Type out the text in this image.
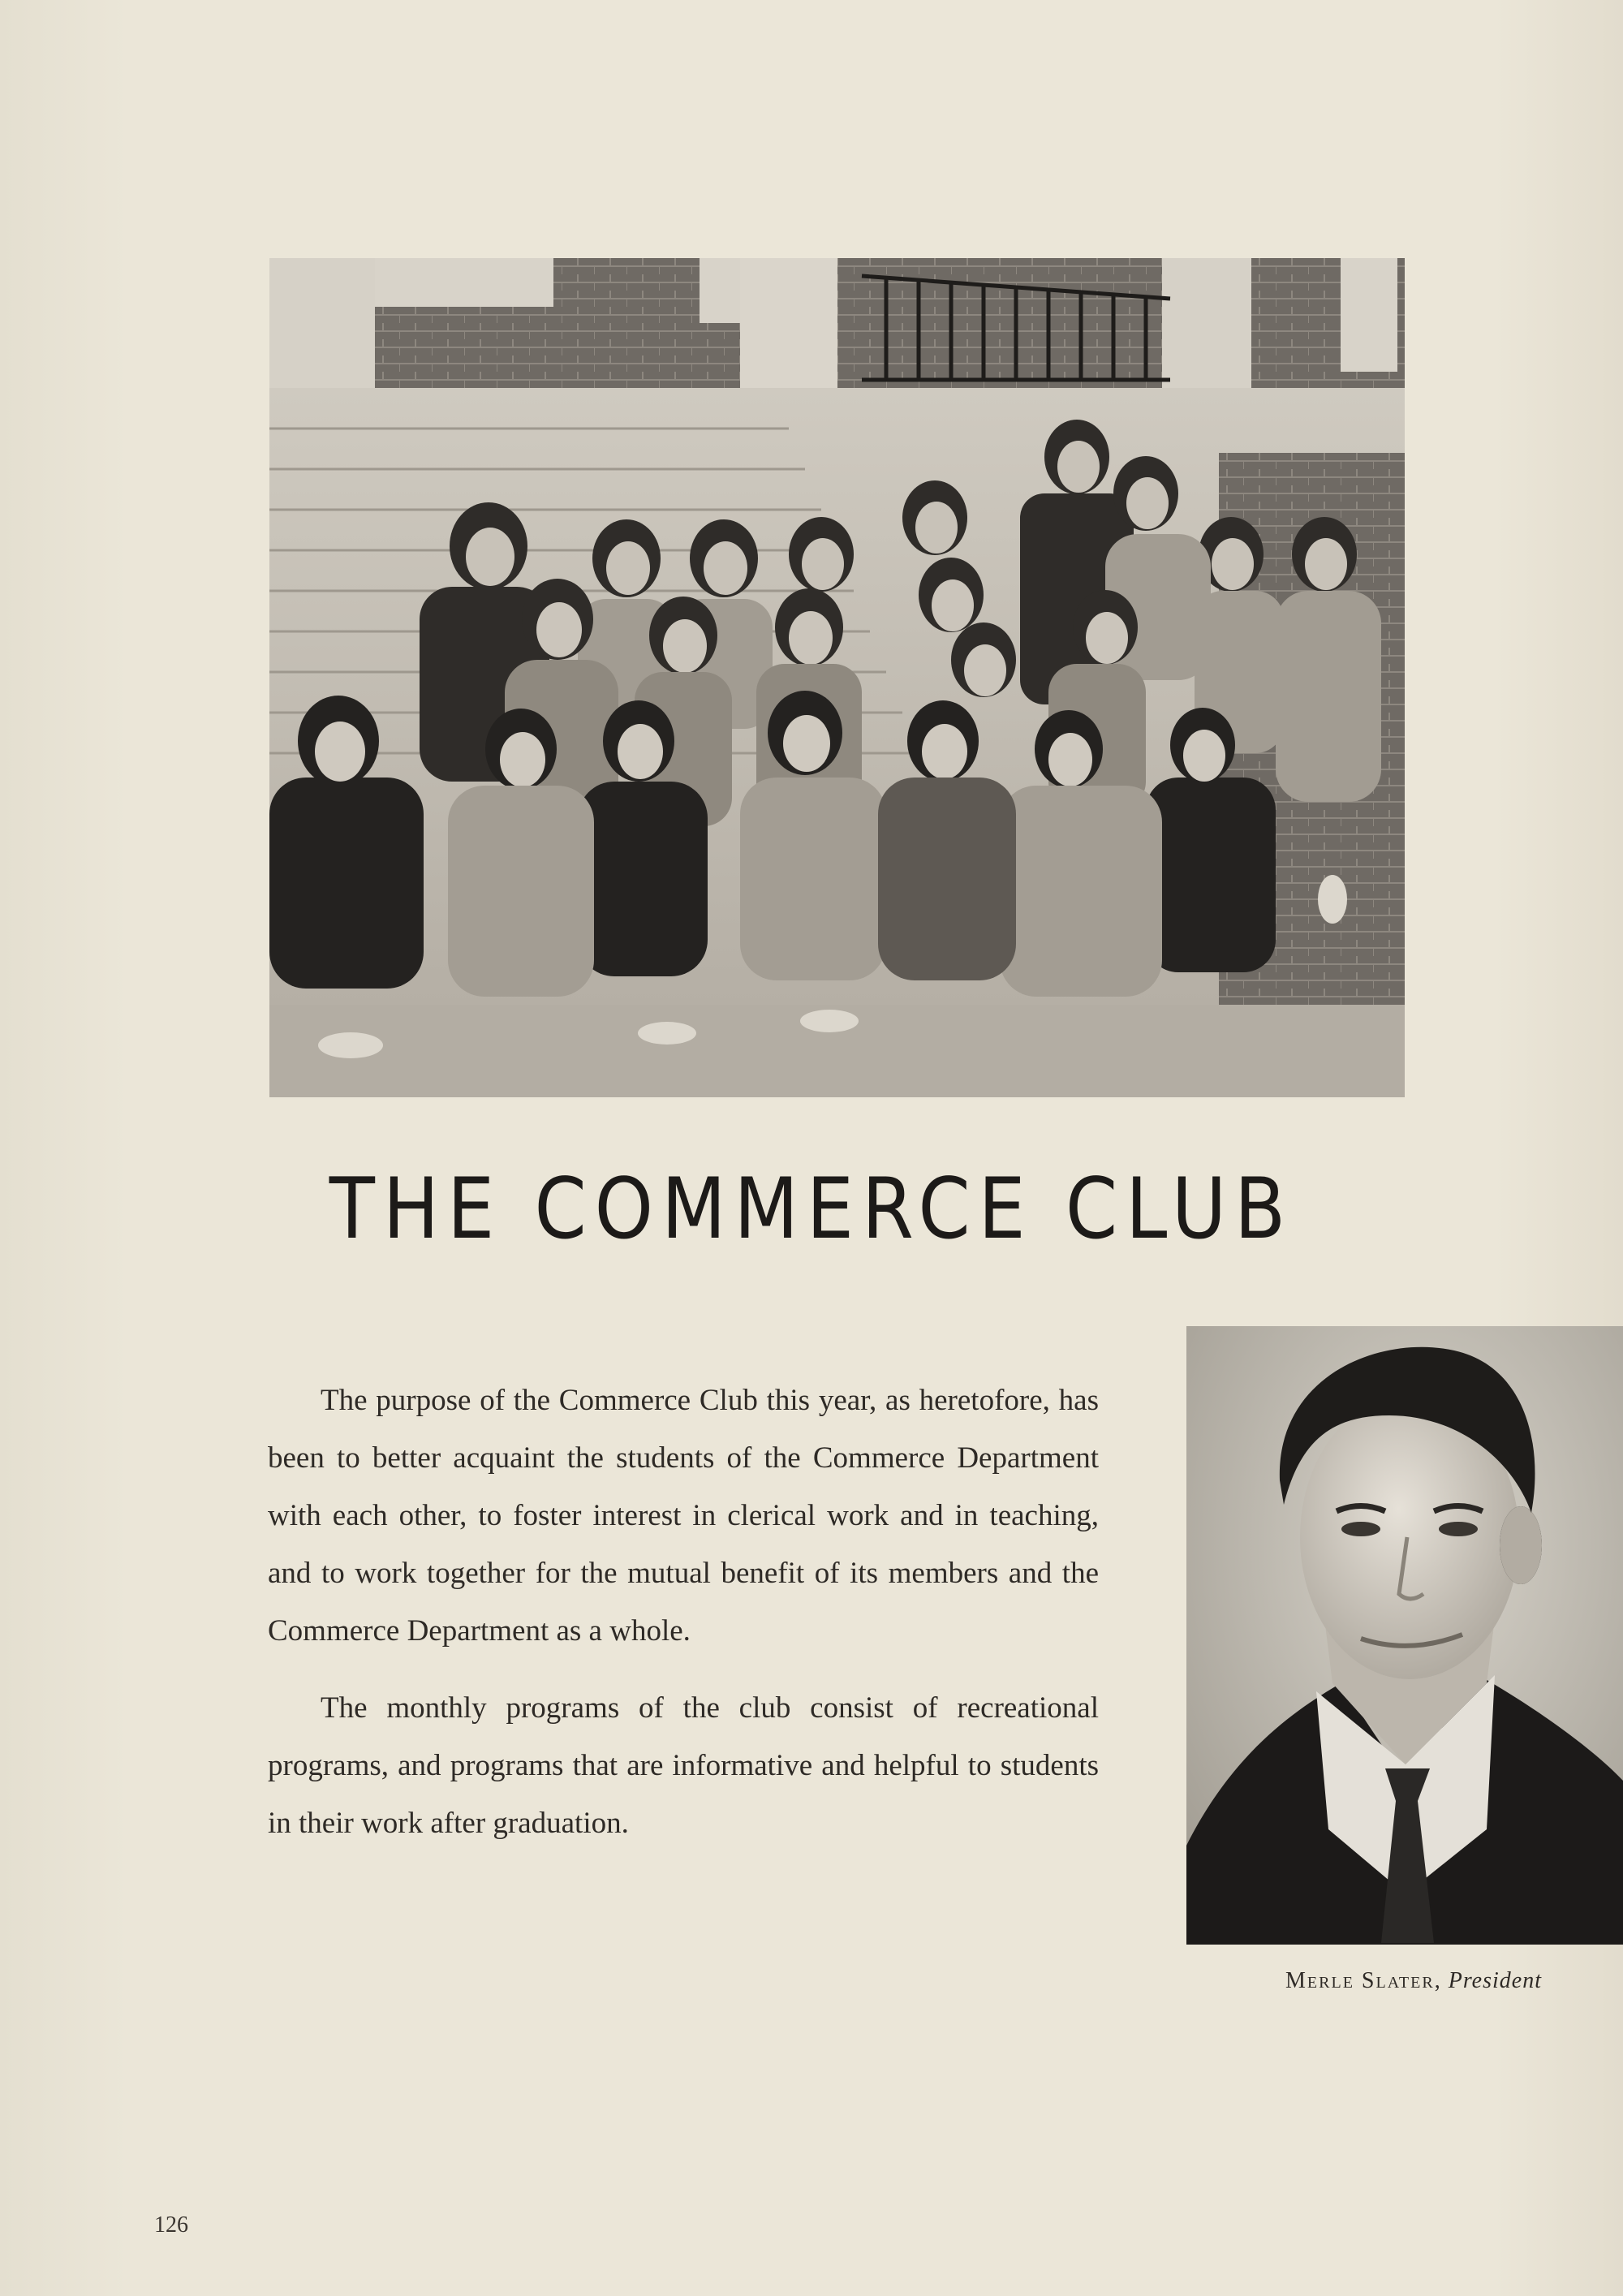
THE COMMERCE CLUB

The purpose of the Commerce Club this year, as heretofore, has been to better acquaint the students of the Commerce Department with each other, to foster interest in clerical work and in teaching, and to work together for the mutual benefit of its members and the Commerce Department as a whole.

The monthly programs of the club consist of recreational programs, and programs that are informative and helpful to students in their work after graduation.

Merle Slater, President
126
